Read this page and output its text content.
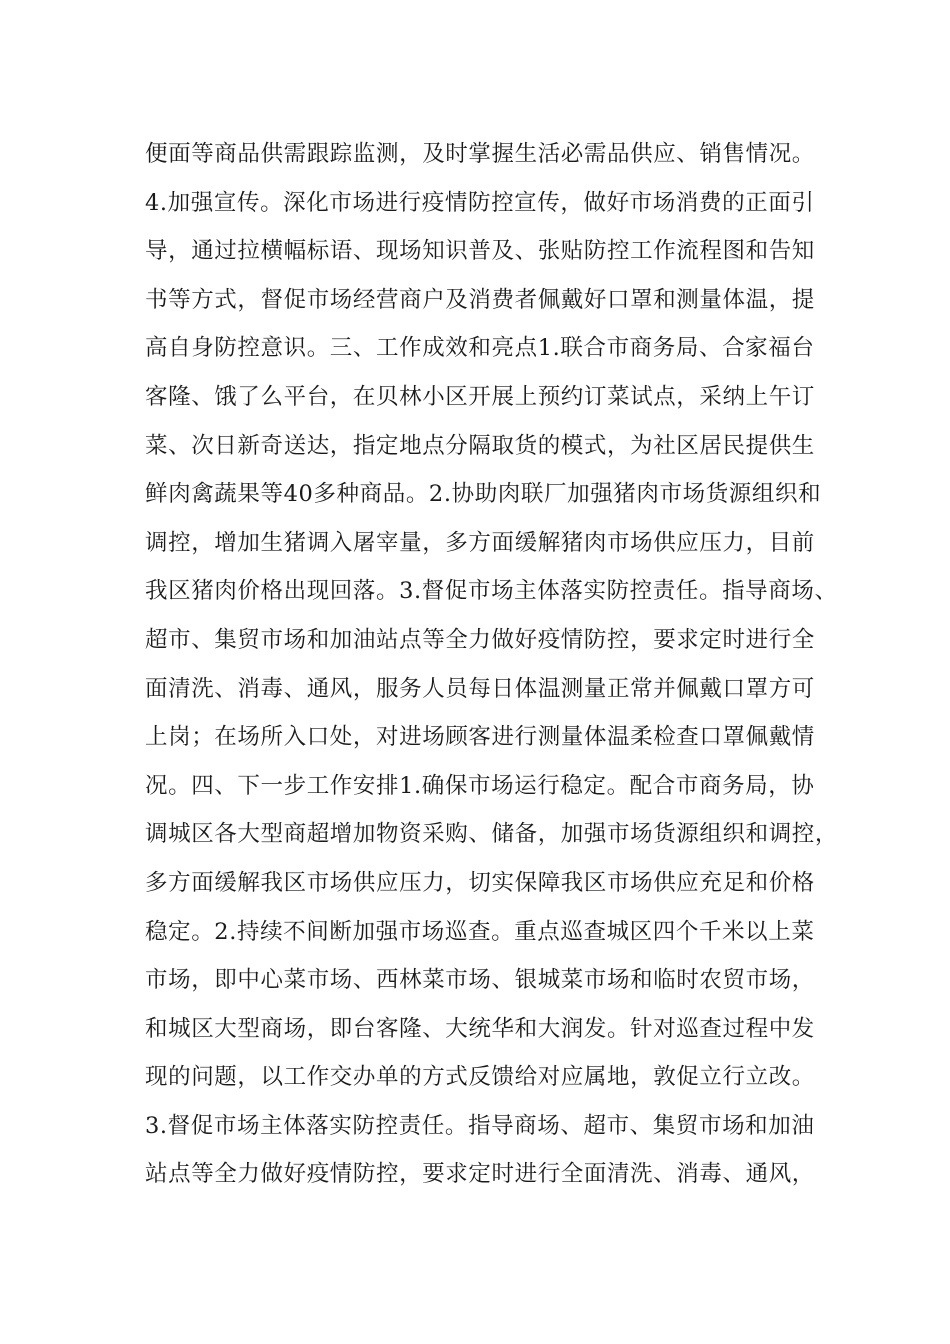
便面等商品供需跟踪监测，及时掌握生活必需品供应、销售情况。
4.加强宣传。深化市场进行疫情防控宣传，做好市场消费的正面引
导，通过拉横幅标语、现场知识普及、张贴防控工作流程图和告知
书等方式，督促市场经营商户及消费者佩戴好口罩和测量体温，提
高自身防控意识。三、工作成效和亮点1.联合市商务局、合家福台
客隆、饿了么平台，在贝林小区开展上预约订菜试点，采纳上午订
菜、次日新奇送达，指定地点分隔取货的模式，为社区居民提供生
鲜肉禽蔬果等40多种商品。2.协助肉联厂加强猪肉市场货源组织和
调控，增加生猪调入屠宰量，多方面缓解猪肉市场供应压力，目前
我区猪肉价格出现回落。3.督促市场主体落实防控责任。指导商场、
超市、集贸市场和加油站点等全力做好疫情防控，要求定时进行全
面清洗、消毒、通风，服务人员每日体温测量正常并佩戴口罩方可
上岗；在场所入口处，对进场顾客进行测量体温柔检查口罩佩戴情
况。四、下一步工作安排1.确保市场运行稳定。配合市商务局，协
调城区各大型商超增加物资采购、储备，加强市场货源组织和调控，
多方面缓解我区市场供应压力，切实保障我区市场供应充足和价格
稳定。2.持续不间断加强市场巡查。重点巡查城区四个千米以上菜
市场，即中心菜市场、西林菜市场、银城菜市场和临时农贸市场，
和城区大型商场，即台客隆、大统华和大润发。针对巡查过程中发
现的问题，以工作交办单的方式反馈给对应属地，敦促立行立改。
3.督促市场主体落实防控责任。指导商场、超市、集贸市场和加油
站点等全力做好疫情防控，要求定时进行全面清洗、消毒、通风，
